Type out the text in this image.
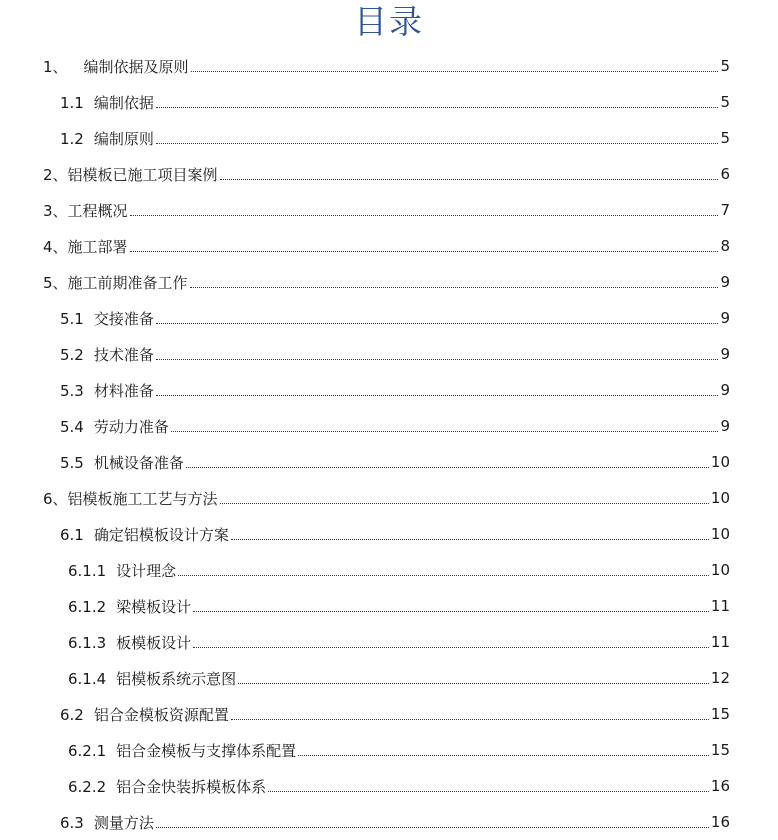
目录
1、 编制依据及原则	5
1.1 编制依据	5
1.2 编制原则	5
2、铝模板已施工项目案例	6
3、工程概况	7
4、施工部署	8
5、施工前期准备工作	9
5.1 交接准备	9
5.2 技术准备	9
5.3 材料准备	9
5.4 劳动力准备	9
5.5 机械设备准备	10
6、铝模板施工工艺与方法	10
6.1 确定铝模板设计方案	10
6.1.1 设计理念	10
6.1.2 梁模板设计	11
6.1.3 板模板设计	11
6.1.4 铝模板系统示意图	12
6.2 铝合金模板资源配置	15
6.2.1 铝合金模板与支撑体系配置	15
6.2.2 铝合金快装拆模板体系	16
6.3 测量方法	16
